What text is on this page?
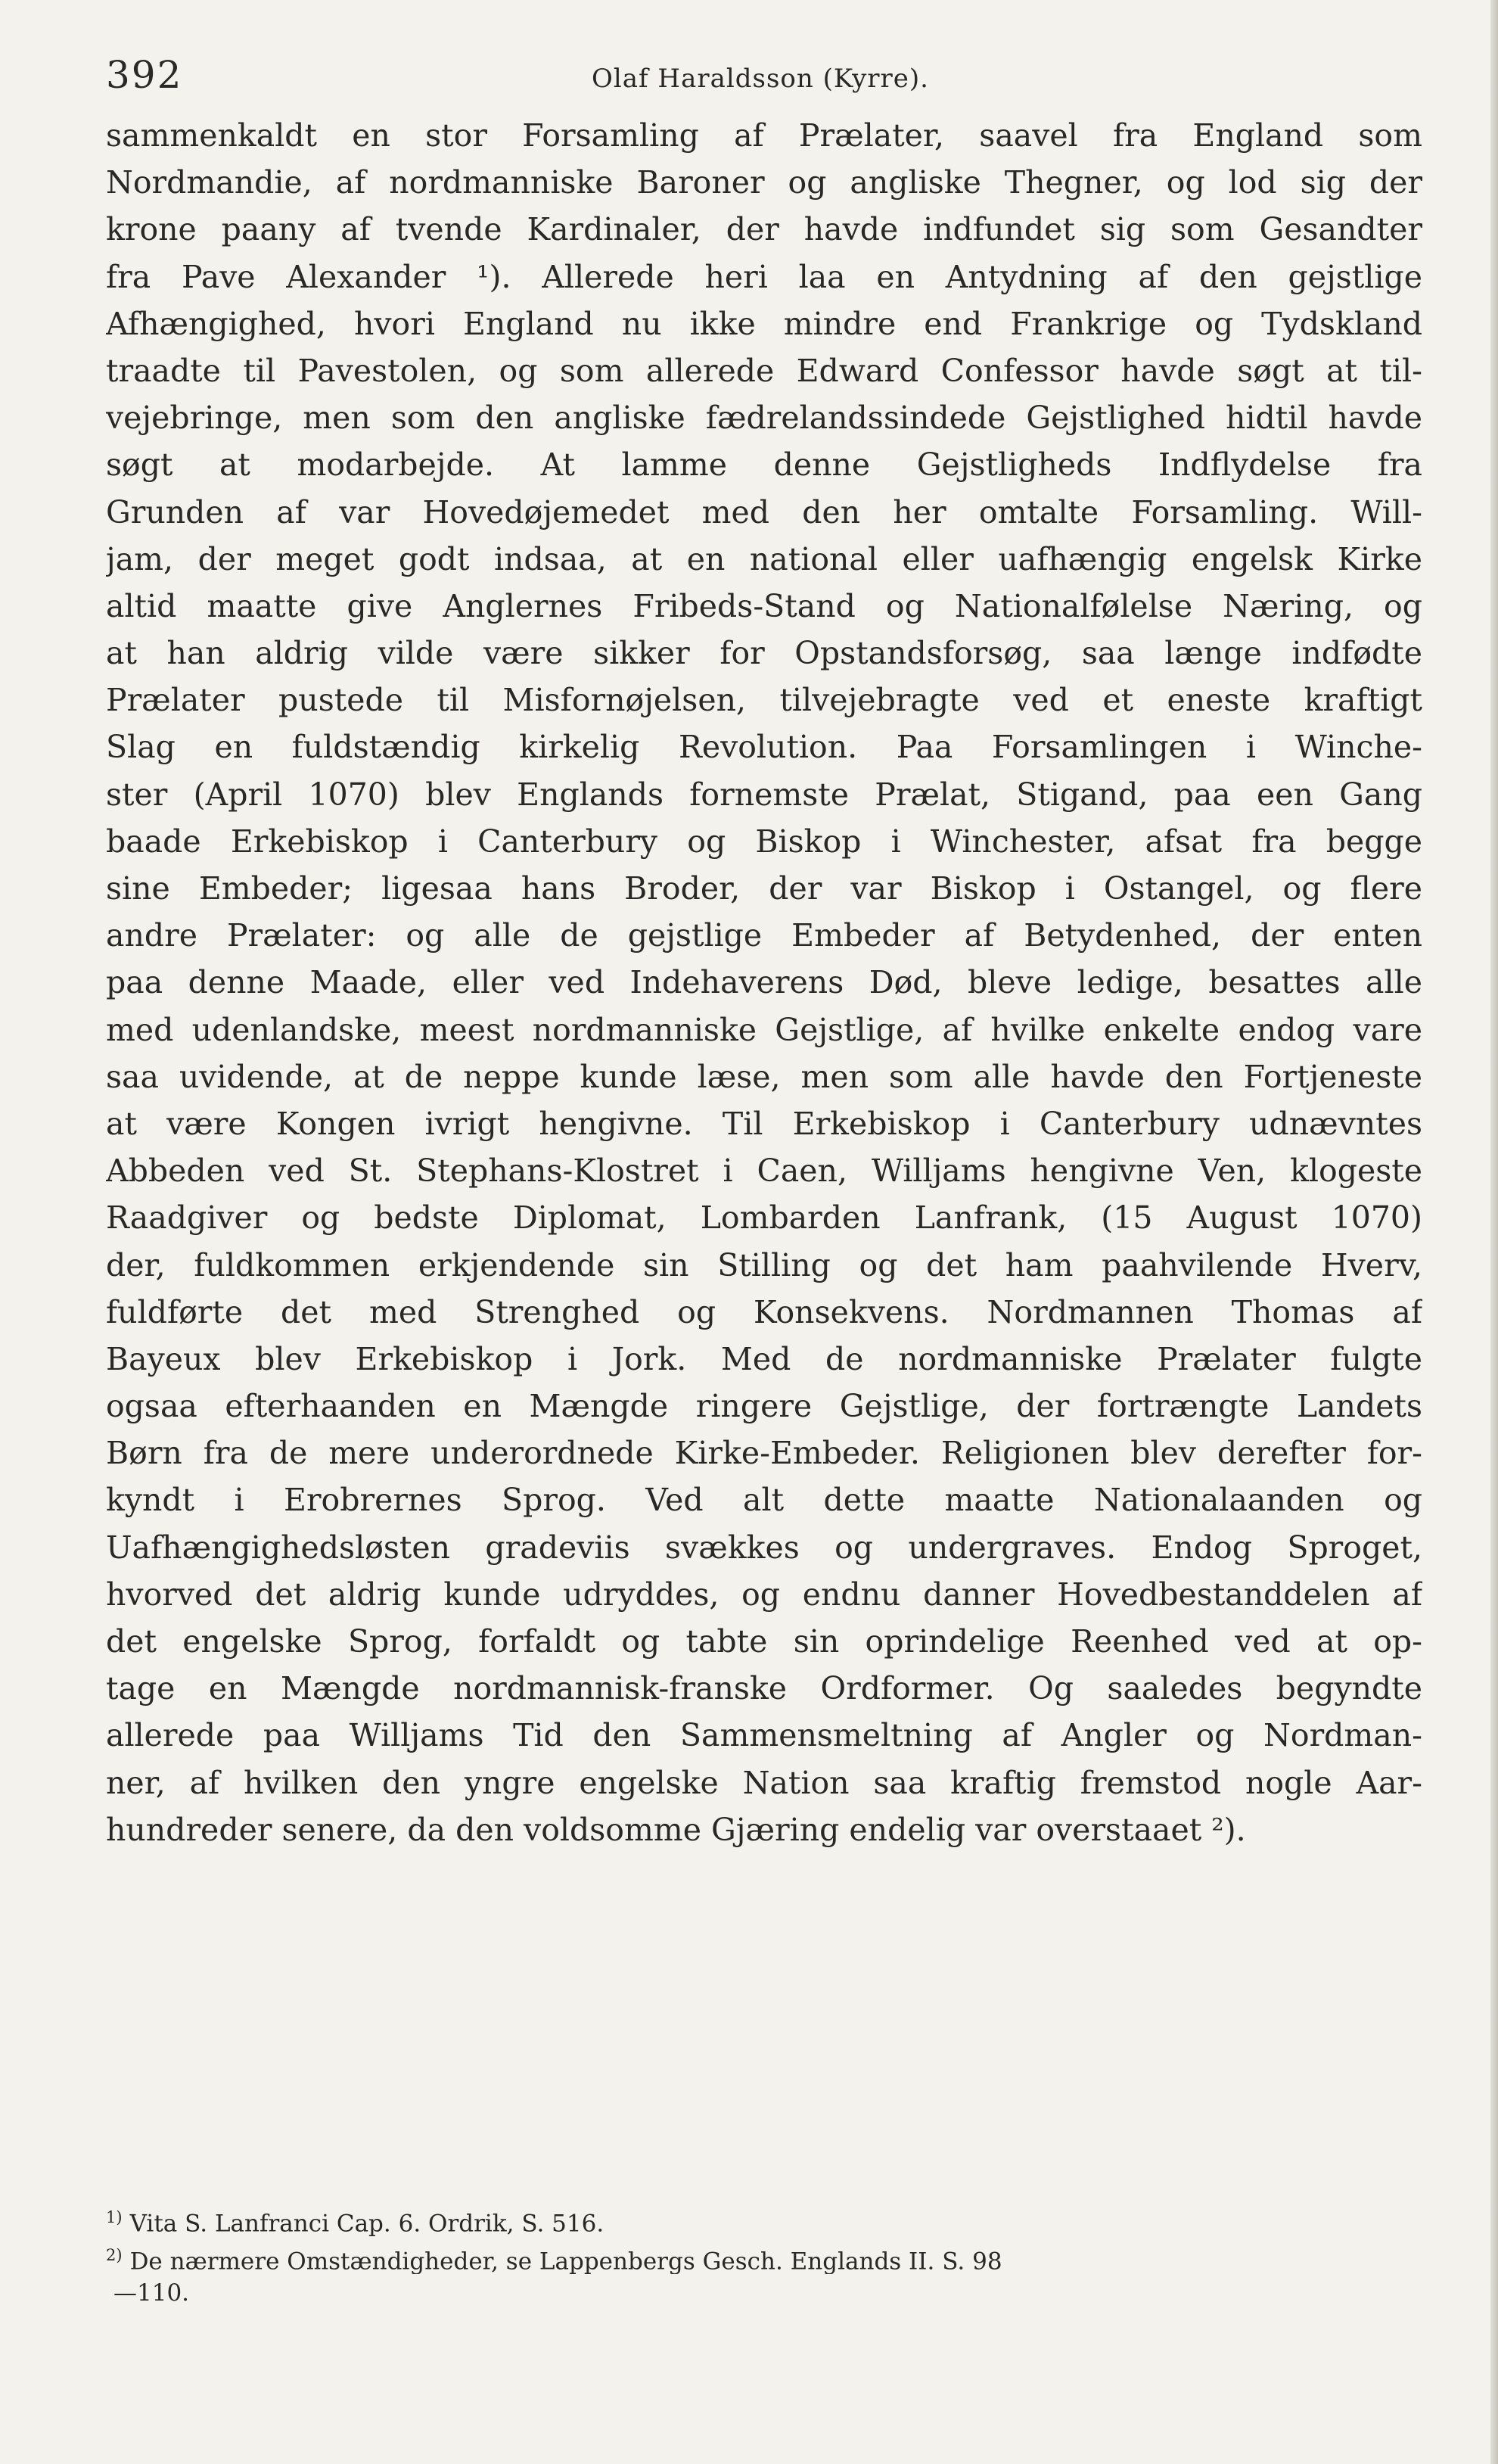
392	Olaf Haraldsson (Kyrre).
sammenkaldt en stor Forsamling af Prælater, saavel fra England som
Nordmandie, af nordmanniske Baroner og angliske Thegner, og lod sig der
krone paany af tvende Kardinaler, der havde indfundet sig som Gesandter
fra Pave Alexander ¹). Allerede heri laa en Antydning af den gejstlige
Afhængighed, hvori England nu ikke mindre end Frankrige og Tydskland
traadte til Pavestolen, og som allerede Edward Confessor havde søgt at til-
vejebringe, men som den angliske fædrelandssindede Gejstlighed hidtil havde
søgt at modarbejde. At lamme denne Gejstligheds Indflydelse fra
Grunden af var Hovedøjemedet med den her omtalte Forsamling. Will-
jam, der meget godt indsaa, at en national eller uafhængig engelsk Kirke
altid maatte give Anglernes Fribeds-Stand og Nationalfølelse Næring, og
at han aldrig vilde være sikker for Opstandsforsøg, saa længe indfødte
Prælater pustede til Misfornøjelsen, tilvejebragte ved et eneste kraftigt
Slag en fuldstændig kirkelig Revolution. Paa Forsamlingen i Winche-
ster (April 1070) blev Englands fornemste Prælat, Stigand, paa een Gang
baade Erkebiskop i Canterbury og Biskop i Winchester, afsat fra begge
sine Embeder; ligesaa hans Broder, der var Biskop i Ostangel, og flere
andre Prælater: og alle de gejstlige Embeder af Betydenhed, der enten
paa denne Maade, eller ved Indehaverens Død, bleve ledige, besattes alle
med udenlandske, meest nordmanniske Gejstlige, af hvilke enkelte endog vare
saa uvidende, at de neppe kunde læse, men som alle havde den Fortjeneste
at være Kongen ivrigt hengivne. Til Erkebiskop i Canterbury udnævntes
Abbeden ved St. Stephans-Klostret i Caen, Willjams hengivne Ven, klogeste
Raadgiver og bedste Diplomat, Lombarden Lanfrank, (15 August 1070)
der, fuldkommen erkjendende sin Stilling og det ham paahvilende Hverv,
fuldførte det med Strenghed og Konsekvens. Nordmannen Thomas af
Bayeux blev Erkebiskop i Jork. Med de nordmanniske Prælater fulgte
ogsaa efterhaanden en Mængde ringere Gejstlige, der fortrængte Landets
Børn fra de mere underordnede Kirke-Embeder. Religionen blev derefter for-
kyndt i Erobrernes Sprog. Ved alt dette maatte Nationalaanden og
Uafhængighedsløsten gradeviis svækkes og undergraves. Endog Sproget,
hvorved det aldrig kunde udryddes, og endnu danner Hovedbestanddelen af
det engelske Sprog, forfaldt og tabte sin oprindelige Reenhed ved at op-
tage en Mængde nordmannisk-franske Ordformer. Og saaledes begyndte
allerede paa Willjams Tid den Sammensmeltning af Angler og Nordman-
ner, af hvilken den yngre engelske Nation saa kraftig fremstod nogle Aar-
hundreder senere, da den voldsomme Gjæring endelig var overstaaet ²).
$^{1)}$ Vita S. Lanfranci Cap. 6. Ordrik, S. 516.
$^{2)}$ De nærmere Omstændigheder, se Lappenbergs Gesch. Englands II. S. 98
—110.
